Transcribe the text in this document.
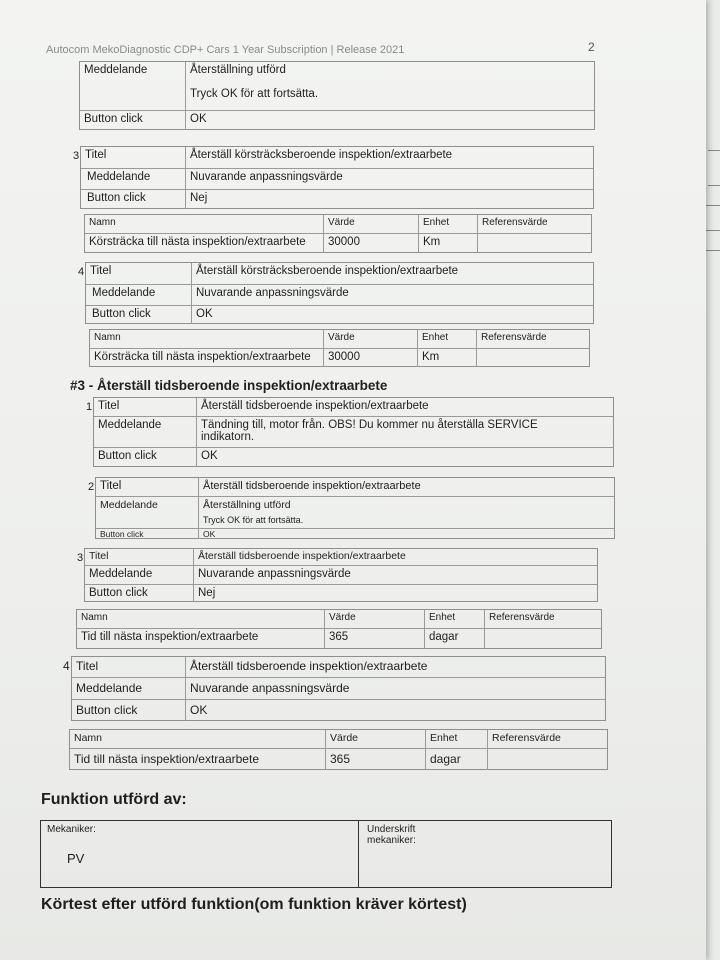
Autocom MekoDiagnostic CDP+ Cars 1 Year Subscription | Release 2021	2
Meddelande	Återställning utförd
Tryck OK för att fortsätta.
Button click	OK
3 Titel	Återställ körsträcksberoende inspektion/extraarbete
Meddelande	Nuvarande anpassningsvärde
Button click	Nej
Namn	Värde	Enhet	Referensvärde
Körsträcka till nästa inspektion/extraarbete	30000	Km
4 Titel	Återställ körsträcksberoende inspektion/extraarbete
Meddelande	Nuvarande anpassningsvärde
Button click	OK
Namn	Värde	Enhet	Referensvärde
Körsträcka till nästa inspektion/extraarbete	30000	Km
#3 - Återställ tidsberoende inspektion/extraarbete
1 Titel	Återställ tidsberoende inspektion/extraarbete
Meddelande	Tändning till, motor från. OBS! Du kommer nu återställa SERVICE
indikatorn.
Button click	OK
2 Titel	Återställ tidsberoende inspektion/extraarbete
Meddelande	Återställning utförd
Tryck OK för att fortsätta.
Button click	OK
3 Titel	Återställ tidsberoende inspektion/extraarbete
Meddelande	Nuvarande anpassningsvärde
Button click	Nej
Namn	Värde	Enhet	Referensvärde
Tid till nästa inspektion/extraarbete	365	dagar
4 Titel	Återställ tidsberoende inspektion/extraarbete
Meddelande	Nuvarande anpassningsvärde
Button click	OK
Namn	Värde	Enhet	Referensvärde
Tid till nästa inspektion/extraarbete	365	dagar
Funktion utförd av:
Mekaniker:
PV
Underskrift mekaniker:
Körtest efter utförd funktion(om funktion kräver körtest)
